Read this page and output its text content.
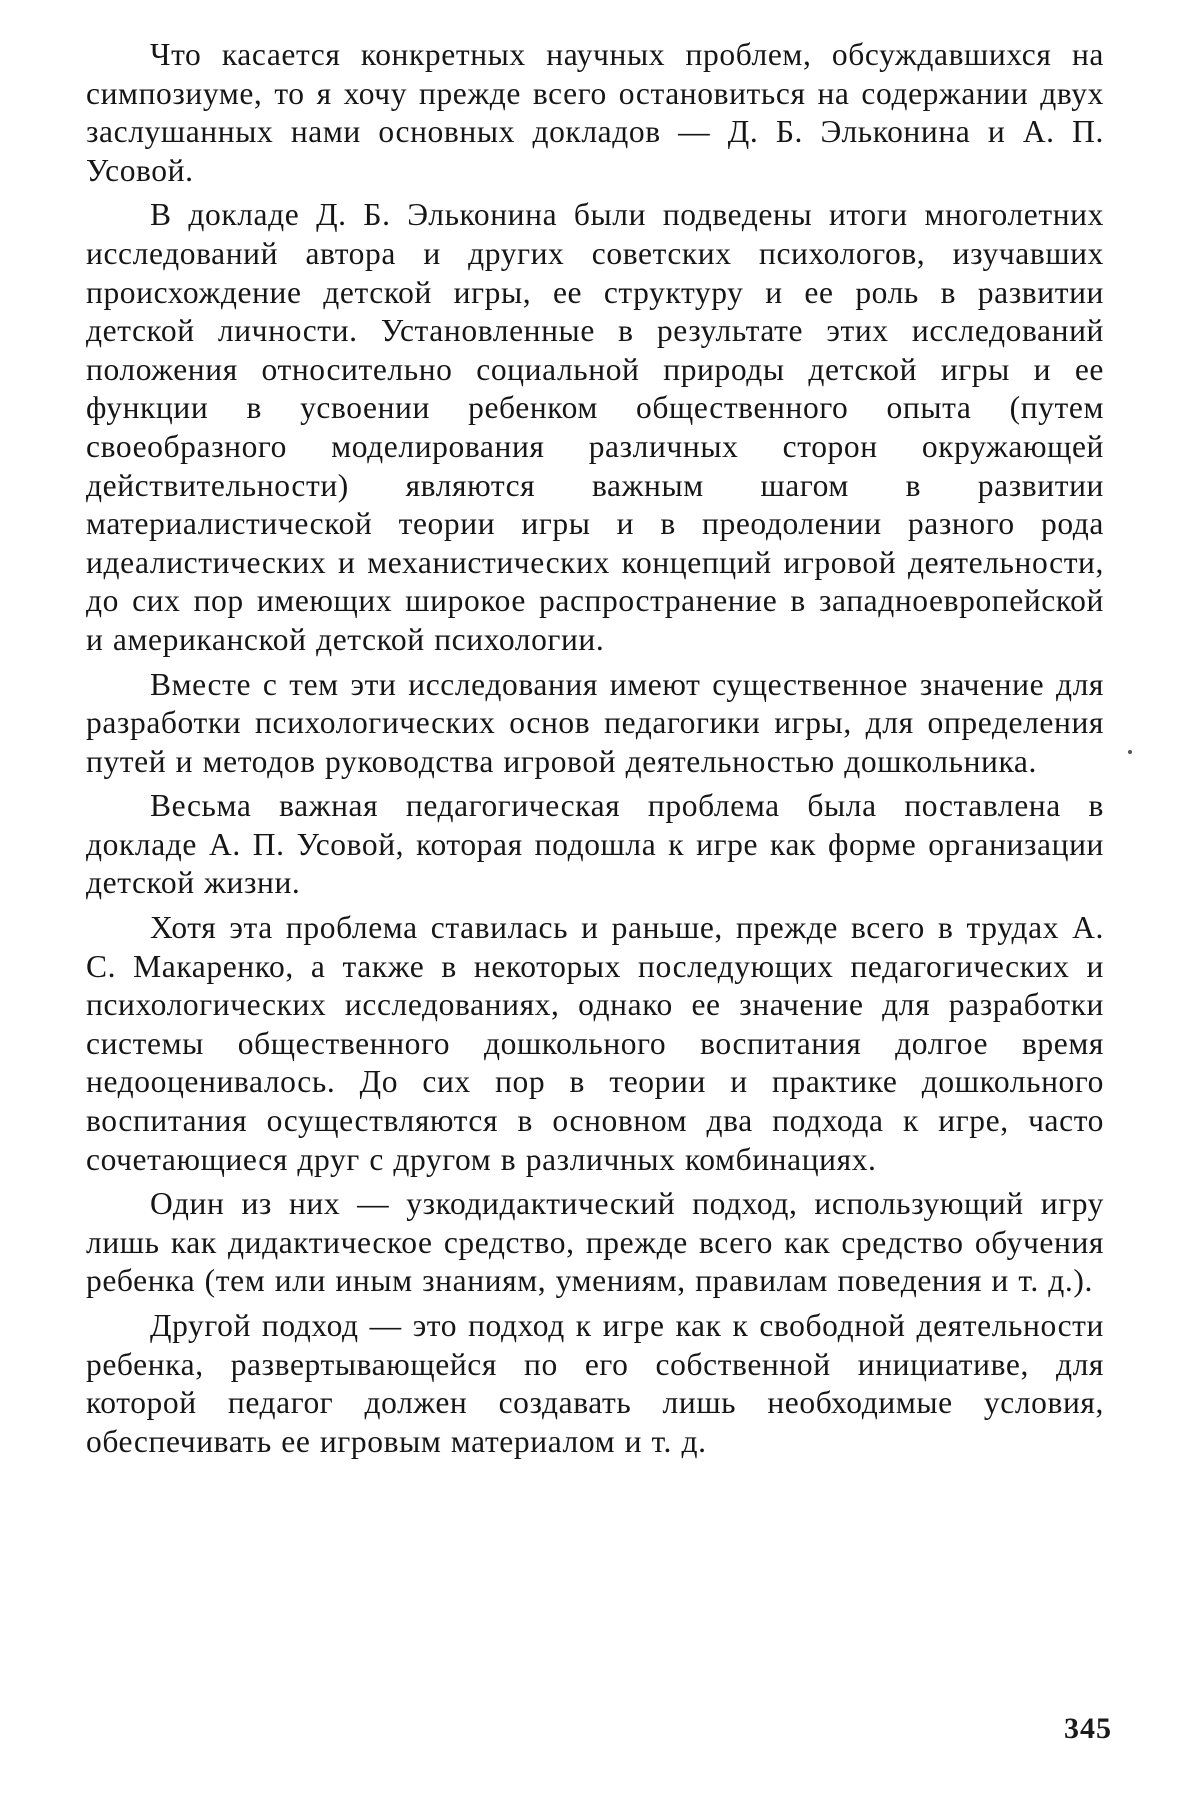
Что касается конкретных научных проблем, обсуждавшихся на симпозиуме, то я хочу прежде всего остановиться на содержании двух заслушанных нами основных докладов — Д. Б. Эльконина и А. П. Усовой.

В докладе Д. Б. Эльконина были подведены итоги многолетних исследований автора и других советских психологов, изучавших происхождение детской игры, ее структуру и ее роль в развитии детской личности. Установленные в результате этих исследований положения относительно социальной природы детской игры и ее функции в усвоении ребенком общественного опыта (путем своеобразного моделирования различных сторон окружающей действительности) являются важным шагом в развитии материалистической теории игры и в преодолении разного рода идеалистических и механистических концепций игровой деятельности, до сих пор имеющих широкое распространение в западноевропейской и американской детской психологии.

Вместе с тем эти исследования имеют существенное значение для разработки психологических основ педагогики игры, для определения путей и методов руководства игровой деятельностью дошкольника.

Весьма важная педагогическая проблема была поставлена в докладе А. П. Усовой, которая подошла к игре как форме организации детской жизни.

Хотя эта проблема ставилась и раньше, прежде всего в трудах А. С. Макаренко, а также в некоторых последующих педагогических и психологических исследованиях, однако ее значение для разработки системы общественного дошкольного воспитания долгое время недооценивалось. До сих пор в теории и практике дошкольного воспитания осуществляются в основном два подхода к игре, часто сочетающиеся друг с другом в различных комбинациях.

Один из них — узкодидактический подход, использующий игру лишь как дидактическое средство, прежде всего как средство обучения ребенка (тем или иным знаниям, умениям, правилам поведения и т. д.).

Другой подход — это подход к игре как к свободной деятельности ребенка, развертывающейся по его собственной инициативе, для которой педагог должен создавать лишь необходимые условия, обеспечивать ее игровым материалом и т. д.

345
